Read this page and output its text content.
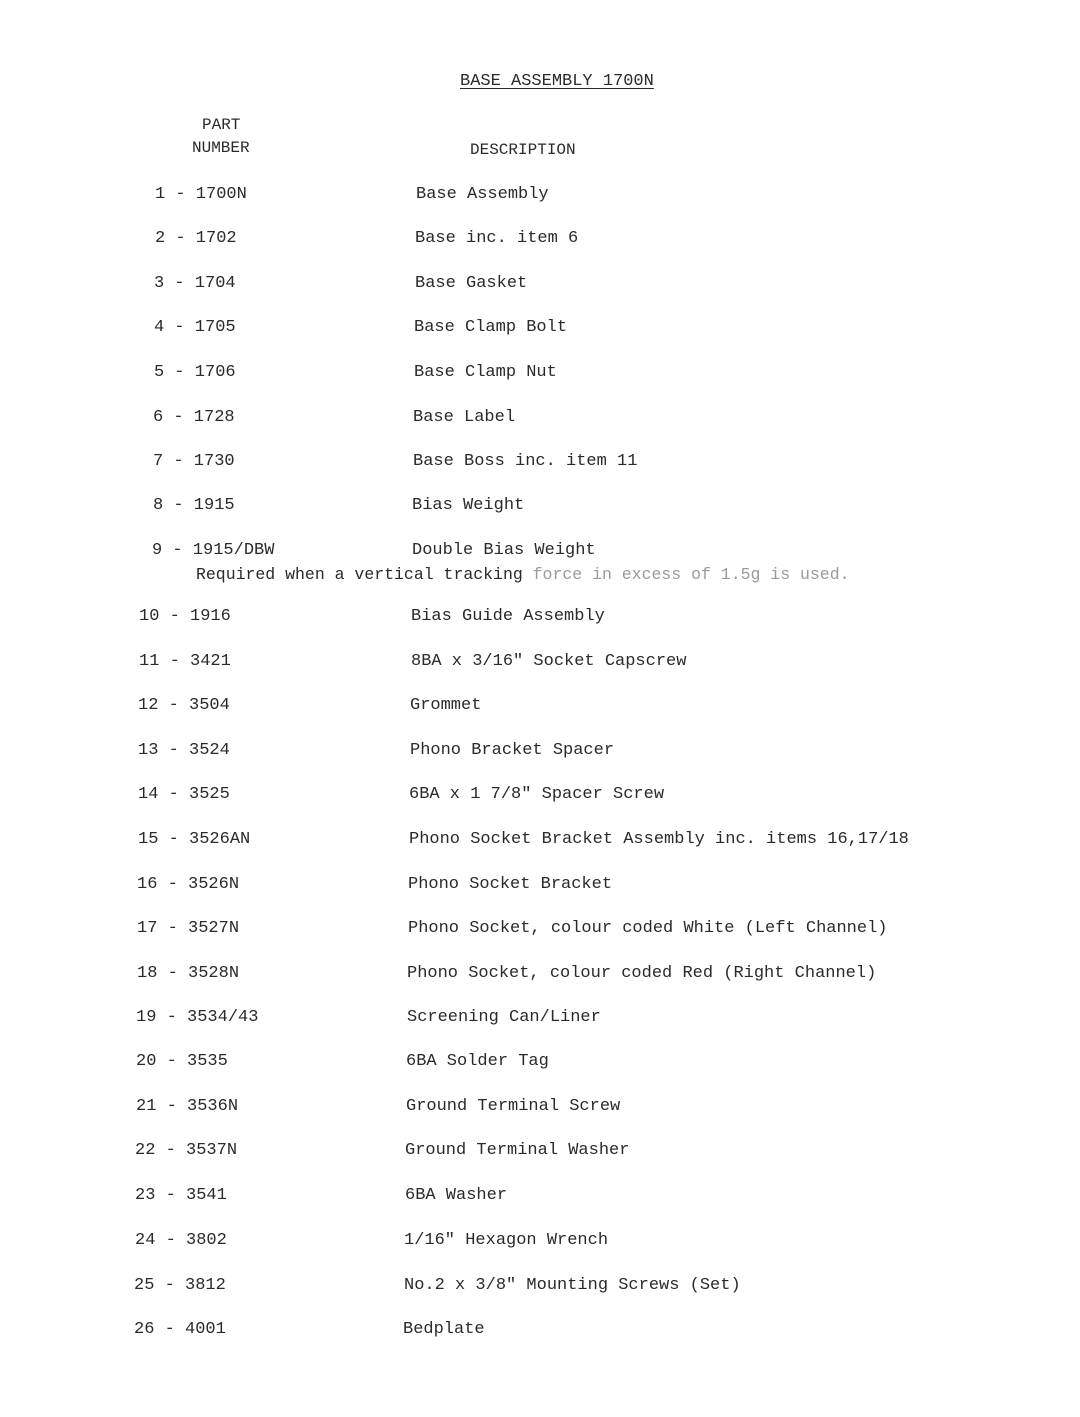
BASE ASSEMBLY 1700N
PART
NUMBER	DESCRIPTION
1 - 1700N	Base Assembly
2 - 1702	Base inc. item 6
3 - 1704	Base Gasket
4 - 1705	Base Clamp Bolt
5 - 1706	Base Clamp Nut
6 - 1728	Base Label
7 - 1730	Base Boss inc. item 11
8 - 1915	Bias Weight
9 - 1915/DBW	Double Bias Weight
10 - 1916	Bias Guide Assembly
11 - 3421	8BA x 3/16" Socket Capscrew
12 - 3504	Grommet
13 - 3524	Phono Bracket Spacer
14 - 3525	6BA x 1 7/8" Spacer Screw
15 - 3526AN	Phono Socket Bracket Assembly inc. items 16,17/18
16 - 3526N	Phono Socket Bracket
17 - 3527N	Phono Socket, colour coded White (Left Channel)
18 - 3528N	Phono Socket, colour coded Red (Right Channel)
19 - 3534/43	Screening Can/Liner
20 - 3535	6BA Solder Tag
21 - 3536N	Ground Terminal Screw
22 - 3537N	Ground Terminal Washer
23 - 3541	6BA Washer
24 - 3802	1/16" Hexagon Wrench
25 - 3812	No.2 x 3/8" Mounting Screws (Set)
26 - 4001	Bedplate
Required when a vertical tracking force in excess of 1.5g is used.
